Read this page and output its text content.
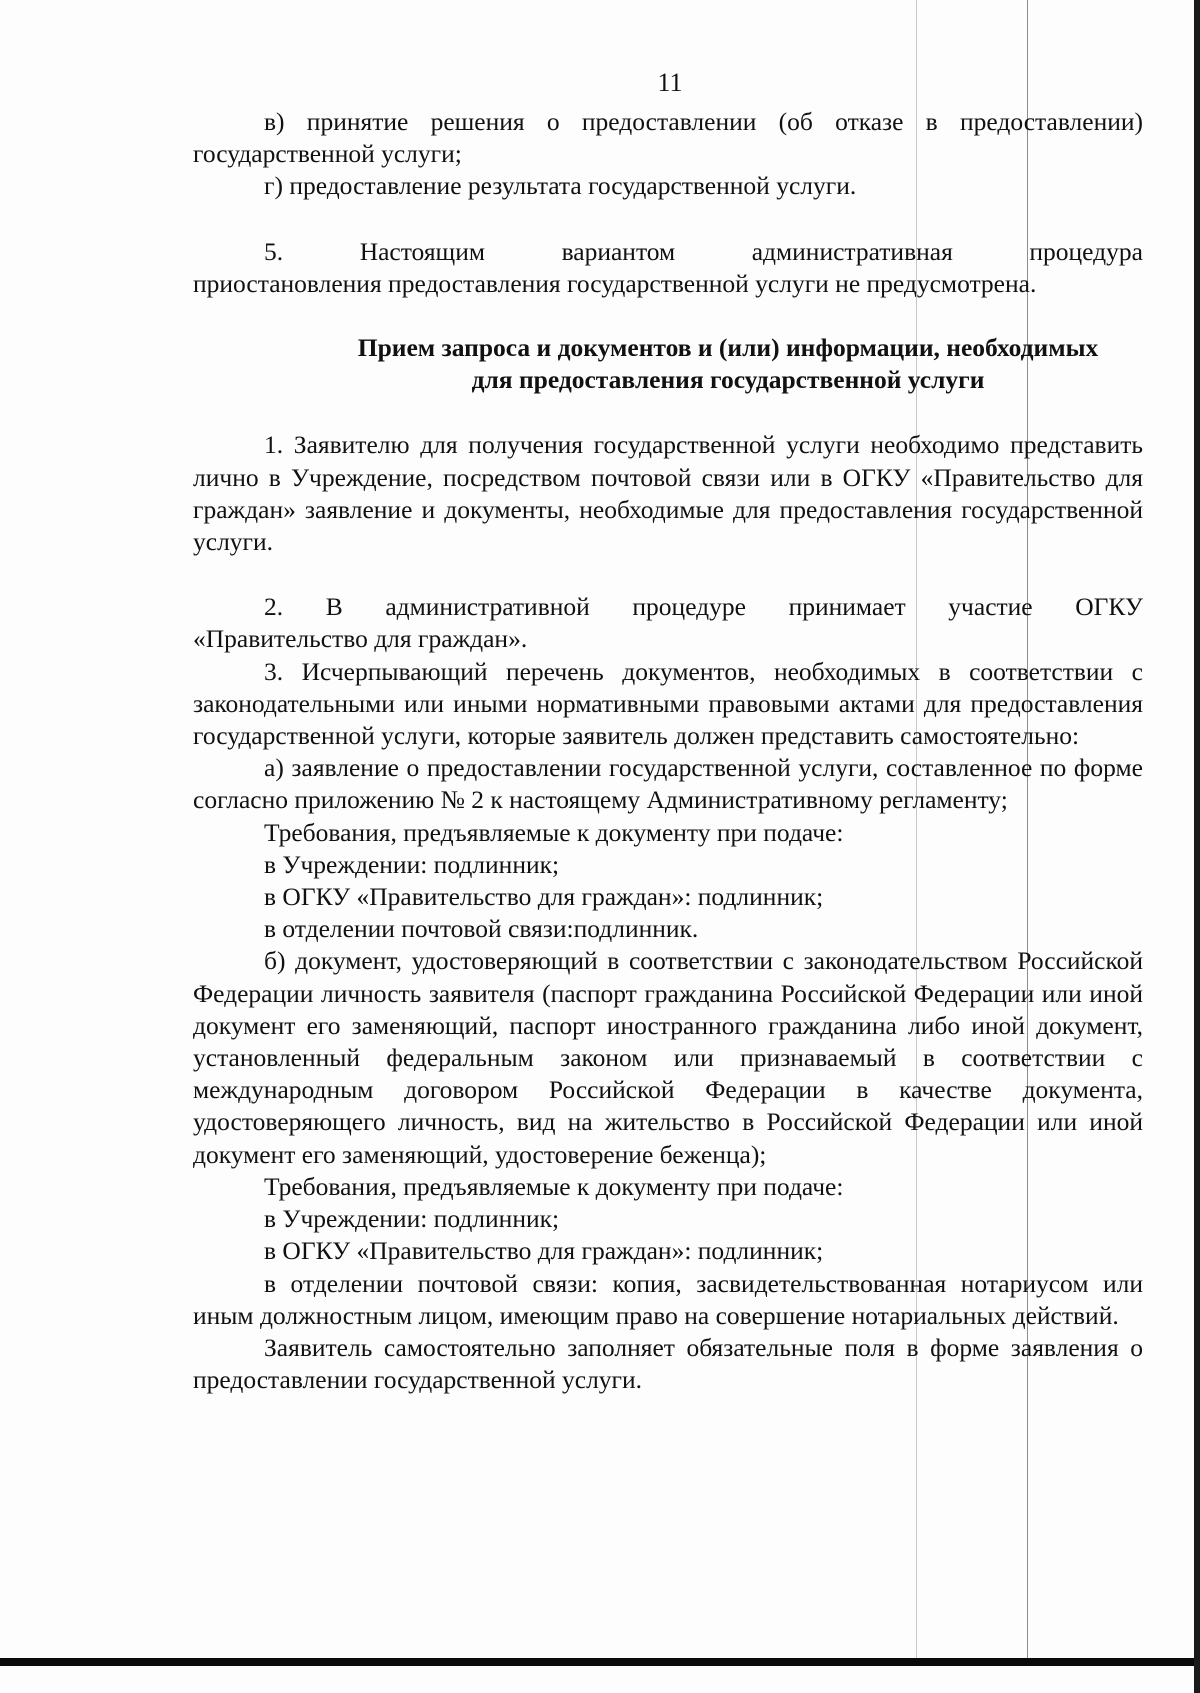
11

в) принятие решения о предоставлении (об отказе в предоставлении) государственной услуги;

г) предоставление результата государственной услуги.

5.	Настоящим	вариантом	административная	процедура

приостановления предоставления государственной услуги не предусмотрена.

Прием запроса и документов и (или) информации, необходимых

для предоставления государственной услуги

1. Заявителю для получения государственной услуги необходимо представить лично в Учреждение, посредством почтовой связи или в ОГКУ «Правительство для граждан» заявление и документы, необходимые для предоставления государственной услуги.

2. В административной процедуре принимает участие ОГКУ

«Правительство для граждан».

3. Исчерпывающий перечень документов, необходимых в соответствии с законодательными или иными нормативными правовыми актами для предоставления государственной услуги, которые заявитель должен представить самостоятельно:

а) заявление о предоставлении государственной услуги, составленное по форме согласно приложению № 2 к настоящему Административному регламенту;

Требования, предъявляемые к документу при подаче:

в Учреждении: подлинник;

в ОГКУ «Правительство для граждан»: подлинник;

в отделении почтовой связи:подлинник.

б) документ, удостоверяющий в соответствии с законодательством Российской Федерации личность заявителя (паспорт гражданина Российской Федерации или иной документ его заменяющий, паспорт иностранного гражданина либо иной документ, установленный федеральным законом или признаваемый в соответствии с международным договором Российской Федерации в качестве документа, удостоверяющего личность, вид на жительство в Российской Федерации или иной документ его заменяющий, удостоверение беженца);

Требования, предъявляемые к документу при подаче:

в Учреждении: подлинник;

в ОГКУ «Правительство для граждан»: подлинник;

в отделении почтовой связи: копия, засвидетельствованная нотариусом или иным должностным лицом, имеющим право на совершение нотариальных действий.

Заявитель самостоятельно заполняет обязательные поля в форме заявления о предоставлении государственной услуги.
